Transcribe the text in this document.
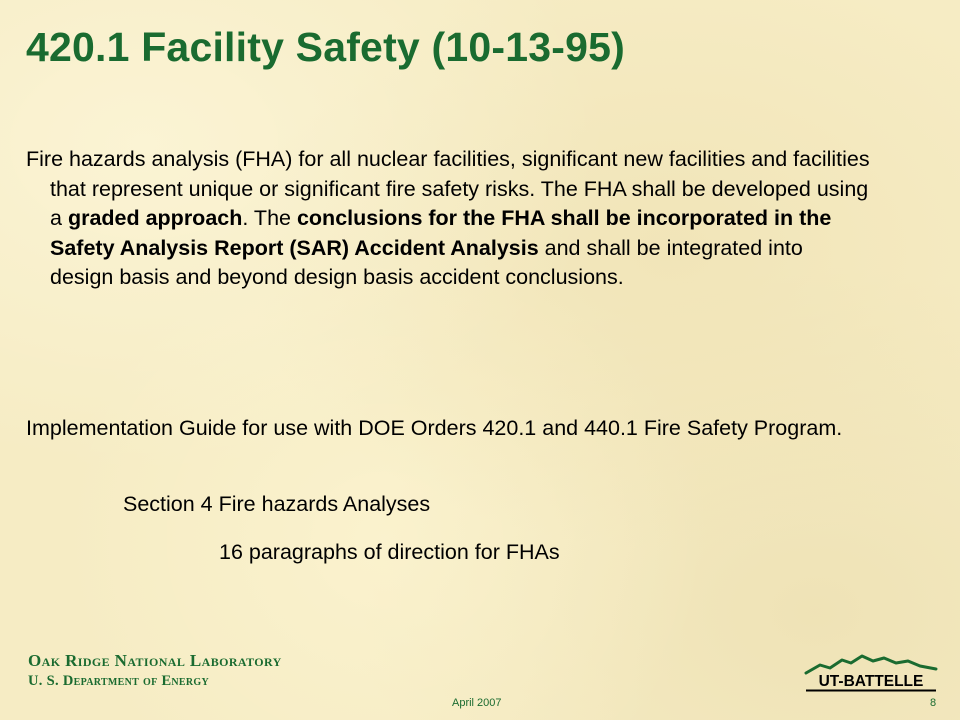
420.1 Facility Safety (10-13-95)

Fire hazards analysis (FHA) for all nuclear facilities, significant new facilities and facilities that represent unique or significant fire safety risks. The FHA shall be developed using a graded approach. The conclusions for the FHA shall be incorporated in the Safety Analysis Report (SAR) Accident Analysis and shall be integrated into design basis and beyond design basis accident conclusions.

Implementation Guide for use with DOE Orders 420.1 and 440.1 Fire Safety Program.

Section 4 Fire hazards Analyses

16 paragraphs of direction for FHAs

Oak Ridge National Laboratory
U. S. Department of Energy
April 2007	8
UT-BATTELLE
